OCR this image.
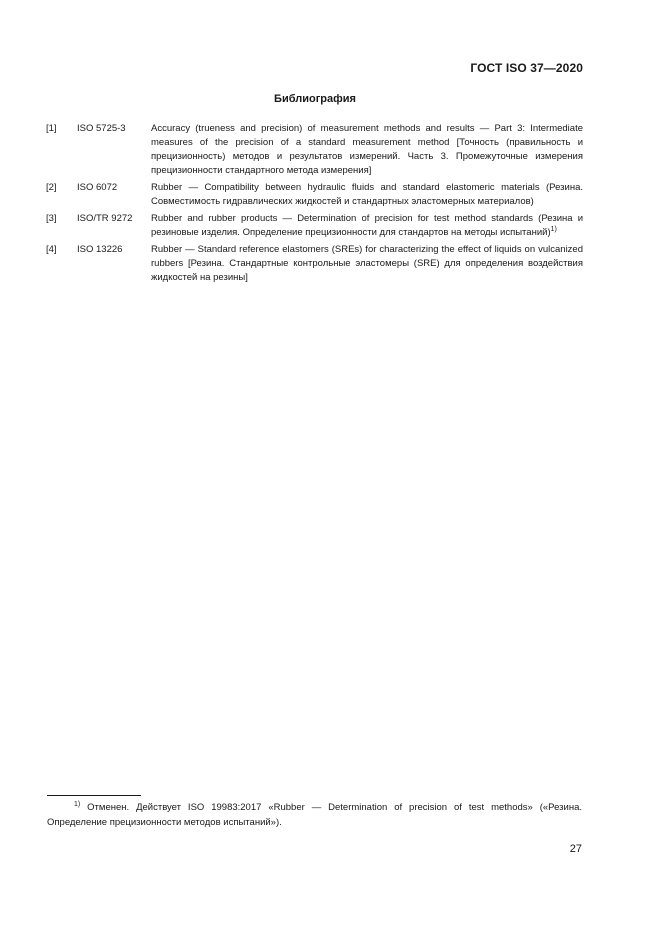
ГОСТ ISO 37—2020
Библиография
[1]	ISO 5725-3	Accuracy (trueness and precision) of measurement methods and results — Part 3: Intermediate measures of the precision of a standard measurement method [Точность (правильность и прецизионность) методов и результатов измерений. Часть 3. Промежуточные измерения прецизионности стандартного метода измерения]
[2]	ISO 6072	Rubber — Compatibility between hydraulic fluids and standard elastomeric materials (Резина. Совместимость гидравлических жидкостей и стандартных эластомерных материалов)
[3]	ISO/TR 9272	Rubber and rubber products — Determination of precision for test method standards (Резина и резиновые изделия. Определение прецизионности для стандартов на методы испытаний)$^{1)}$
[4]	ISO 13226	Rubber — Standard reference elastomers (SREs) for characterizing the effect of liquids on vulcanized rubbers [Резина. Стандартные контрольные эластомеры (SRE) для определения воздействия жидкостей на резины]
$^{1)}$ Отменен. Действует ISO 19983:2017 «Rubber — Determination of precision of test methods» («Резина. Определение прецизионности методов испытаний»).
27
